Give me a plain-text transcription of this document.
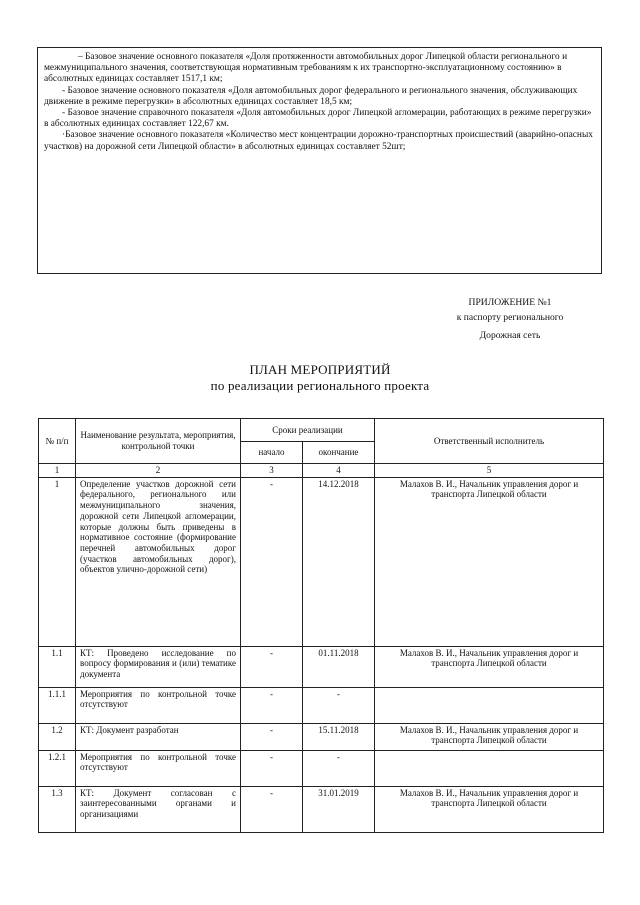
– Базовое значение основного показателя «Доля протяженности автомобильных дорог Липецкой области регионального и межмуниципального значения, соответствующая нормативным требованиям к их транспортно-эксплуатационному состоянию» в абсолютных единицах составляет 1517,1 км;

- Базовое значение основного показателя «Доля автомобильных дорог федерального и регионального значения, обслуживающих движение в режиме перегрузки» в абсолютных единицах составляет 18,5 км;

- Базовое значение справочного показателя «Доля автомобильных дорог Липецкой агломерации, работающих в режиме перегрузки» в абсолютных единицах составляет 122,67 км.

·Базовое значение основного показателя «Количество мест концентрации дорожно-транспортных происшествий (аварийно-опасных участков) на дорожной сети Липецкой области» в абсолютных единицах составляет 52шт;

ПРИЛОЖЕНИЕ №1
к паспорту регионального
Дорожная сеть
ПЛАН МЕРОПРИЯТИЙ
по реализации регионального проекта
№ п/п	Наименование результата, мероприятия, контрольной точки	Сроки реализации		Ответственный исполнитель
		начало	окончание	
1	2	3	4	5
1	Определение участков дорожной сети федерального, регионального или межмуниципального значения, дорожной сети Липецкой агломерации, которые должны быть приведены в нормативное состояние (формирование перечней автомобильных дорог (участков автомобильных дорог), объектов улично-дорожной сети)	-	14.12.2018	Малахов В. И., Начальник управления дорог и транспорта Липецкой области
1.1	КТ: Проведено исследование по вопросу формирования и (или) тематике документа	-	01.11.2018	Малахов В. И., Начальник управления дорог и транспорта Липецкой области
1.1.1	Мероприятия по контрольной точке отсутствуют	-	-	
1.2	КТ: Документ разработан	-	15.11.2018	Малахов В. И., Начальник управления дорог и транспорта Липецкой области
1.2.1	Мероприятия по контрольной точке отсутствуют	-	-	
1.3	КТ: Документ согласован с заинтересованными органами и организациями	-	31.01.2019	Малахов В. И., Начальник управления дорог и транспорта Липецкой области
